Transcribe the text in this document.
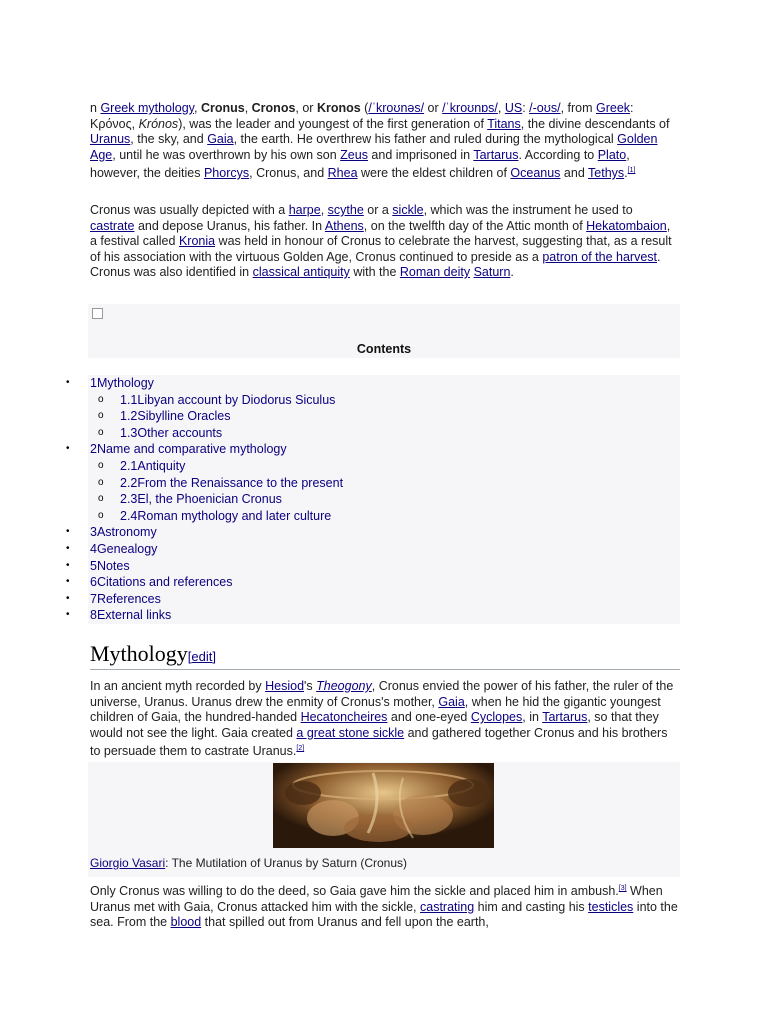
n Greek mythology, Cronus, Cronos, or Kronos (/ˈkroʊnəs/ or /ˈkroʊnɒs/, US: /-oʊs/, from Greek: Κρόνος, Krónos), was the leader and youngest of the first generation of Titans, the divine descendants of Uranus, the sky, and Gaia, the earth. He overthrew his father and ruled during the mythological Golden Age, until he was overthrown by his own son Zeus and imprisoned in Tartarus. According to Plato, however, the deities Phorcys, Cronus, and Rhea were the eldest children of Oceanus and Tethys.[1]

Cronus was usually depicted with a harpe, scythe or a sickle, which was the instrument he used to castrate and depose Uranus, his father. In Athens, on the twelfth day of the Attic month of Hekatombaion, a festival called Kronia was held in honour of Cronus to celebrate the harvest, suggesting that, as a result of his association with the virtuous Golden Age, Cronus continued to preside as a patron of the harvest. Cronus was also identified in classical antiquity with the Roman deity Saturn.

Contents
• 1Mythology
o 1.1Libyan account by Diodorus Siculus
o 1.2Sibylline Oracles
o 1.3Other accounts
• 2Name and comparative mythology
o 2.1Antiquity
o 2.2From the Renaissance to the present
o 2.3El, the Phoenician Cronus
o 2.4Roman mythology and later culture
• 3Astronomy
• 4Genealogy
• 5Notes
• 6Citations and references
• 7References
• 8External links
Mythology[edit]

In an ancient myth recorded by Hesiod's Theogony, Cronus envied the power of his father, the ruler of the universe, Uranus. Uranus drew the enmity of Cronus's mother, Gaia, when he hid the gigantic youngest children of Gaia, the hundred-handed Hecatoncheires and one-eyed Cyclopes, in Tartarus, so that they would not see the light. Gaia created a great stone sickle and gathered together Cronus and his brothers to persuade them to castrate Uranus.[2]

Giorgio Vasari: The Mutilation of Uranus by Saturn (Cronus)

Only Cronus was willing to do the deed, so Gaia gave him the sickle and placed him in ambush.[3] When Uranus met with Gaia, Cronus attacked him with the sickle, castrating him and casting his testicles into the sea. From the blood that spilled out from Uranus and fell upon the earth,
